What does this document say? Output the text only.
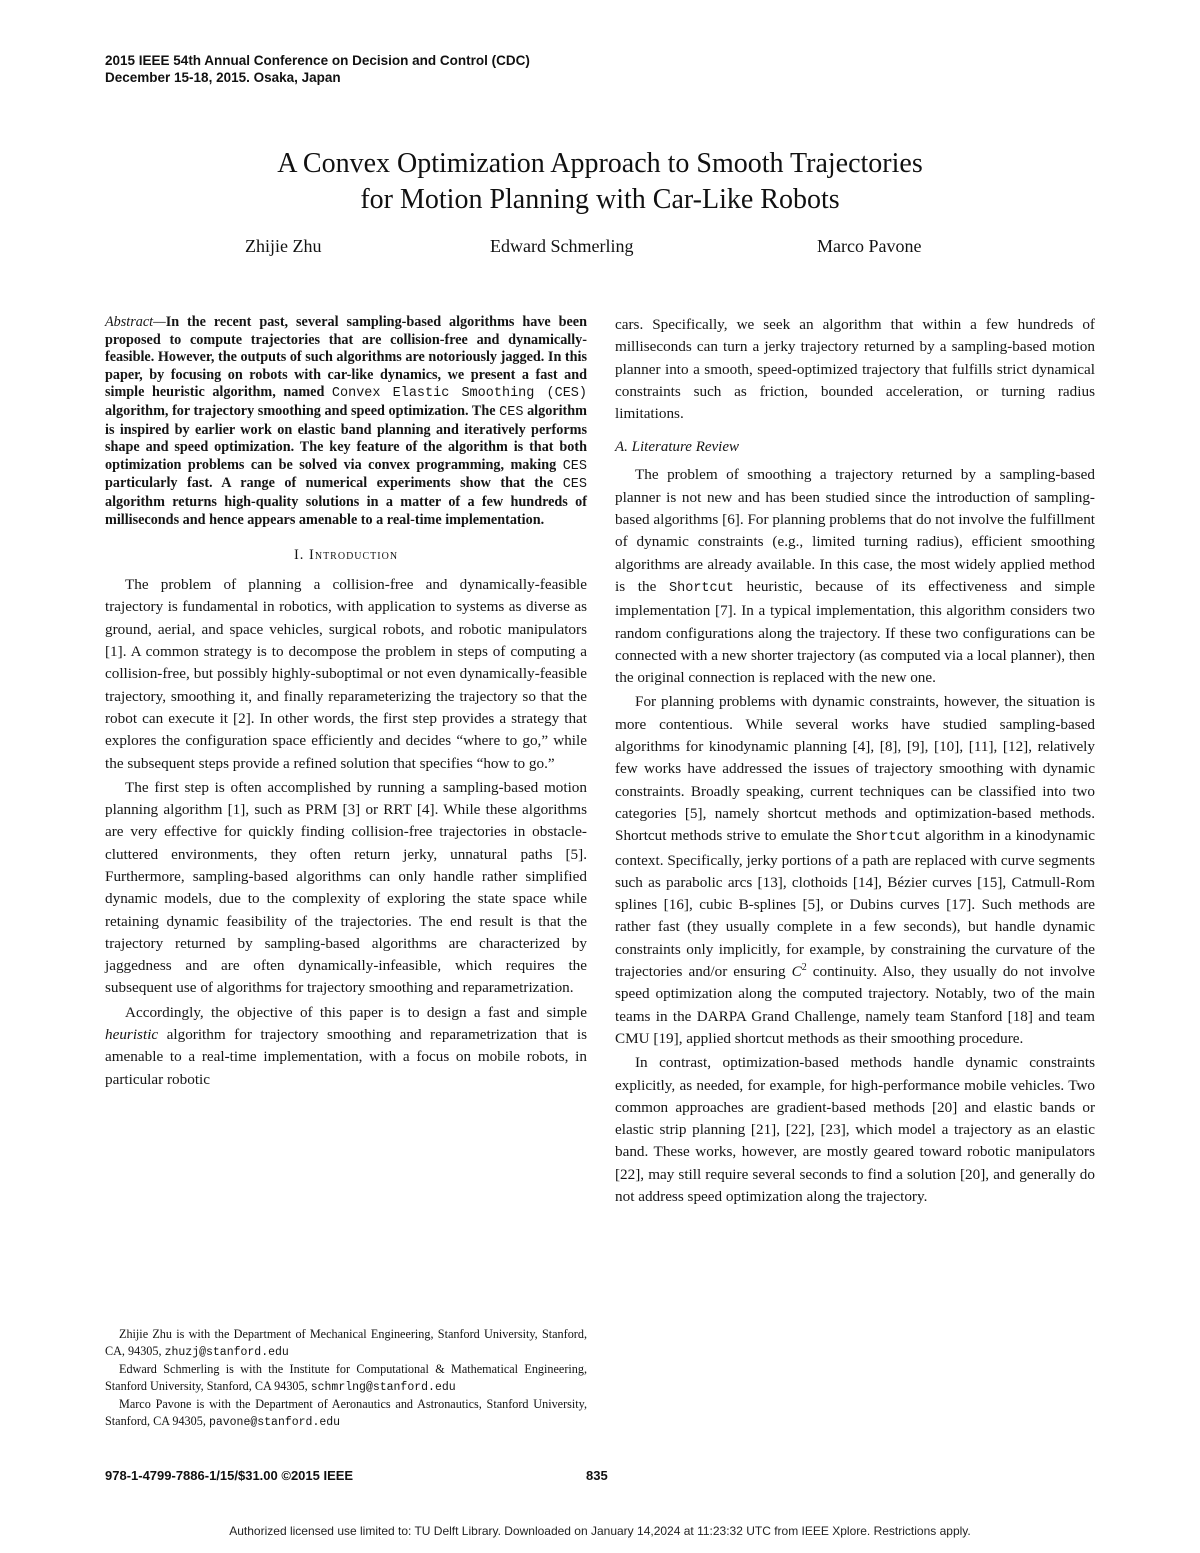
2015 IEEE 54th Annual Conference on Decision and Control (CDC)
December 15-18, 2015. Osaka, Japan
A Convex Optimization Approach to Smooth Trajectories
for Motion Planning with Car-Like Robots
Zhijie Zhu	Edward Schmerling	Marco Pavone

Abstract—In the recent past, several sampling-based algorithms have been proposed to compute trajectories that are collision-free and dynamically-feasible. However, the outputs of such algorithms are notoriously jagged. In this paper, by focusing on robots with car-like dynamics, we present a fast and simple heuristic algorithm, named Convex Elastic Smoothing (CES) algorithm, for trajectory smoothing and speed optimization. The CES algorithm is inspired by earlier work on elastic band planning and iteratively performs shape and speed optimization. The key feature of the algorithm is that both optimization problems can be solved via convex programming, making CES particularly fast. A range of numerical experiments show that the CES algorithm returns high-quality solutions in a matter of a few hundreds of milliseconds and hence appears amenable to a real-time implementation.

I. Introduction

The problem of planning a collision-free and dynamically-feasible trajectory is fundamental in robotics, with application to systems as diverse as ground, aerial, and space vehicles, surgical robots, and robotic manipulators [1]. A common strategy is to decompose the problem in steps of computing a collision-free, but possibly highly-suboptimal or not even dynamically-feasible trajectory, smoothing it, and finally reparameterizing the trajectory so that the robot can execute it [2]. In other words, the first step provides a strategy that explores the configuration space efficiently and decides “where to go,” while the subsequent steps provide a refined solution that specifies “how to go.”

The first step is often accomplished by running a sampling-based motion planning algorithm [1], such as PRM [3] or RRT [4]. While these algorithms are very effective for quickly finding collision-free trajectories in obstacle-cluttered environments, they often return jerky, unnatural paths [5]. Furthermore, sampling-based algorithms can only handle rather simplified dynamic models, due to the complexity of exploring the state space while retaining dynamic feasibility of the trajectories. The end result is that the trajectory returned by sampling-based algorithms are characterized by jaggedness and are often dynamically-infeasible, which requires the subsequent use of algorithms for trajectory smoothing and reparametrization.

Accordingly, the objective of this paper is to design a fast and simple heuristic algorithm for trajectory smoothing and reparametrization that is amenable to a real-time implementation, with a focus on mobile robots, in particular robotic

Zhijie Zhu is with the Department of Mechanical Engineering, Stanford University, Stanford, CA, 94305, zhuzj@stanford.edu

Edward Schmerling is with the Institute for Computational & Mathematical Engineering, Stanford University, Stanford, CA 94305, schmrlng@stanford.edu

Marco Pavone is with the Department of Aeronautics and Astronautics, Stanford University, Stanford, CA 94305, pavone@stanford.edu

cars. Specifically, we seek an algorithm that within a few hundreds of milliseconds can turn a jerky trajectory returned by a sampling-based motion planner into a smooth, speed-optimized trajectory that fulfills strict dynamical constraints such as friction, bounded acceleration, or turning radius limitations.

A. Literature Review

The problem of smoothing a trajectory returned by a sampling-based planner is not new and has been studied since the introduction of sampling-based algorithms [6]. For planning problems that do not involve the fulfillment of dynamic constraints (e.g., limited turning radius), efficient smoothing algorithms are already available. In this case, the most widely applied method is the Shortcut heuristic, because of its effectiveness and simple implementation [7]. In a typical implementation, this algorithm considers two random configurations along the trajectory. If these two configurations can be connected with a new shorter trajectory (as computed via a local planner), then the original connection is replaced with the new one.

For planning problems with dynamic constraints, however, the situation is more contentious. While several works have studied sampling-based algorithms for kinodynamic planning [4], [8], [9], [10], [11], [12], relatively few works have addressed the issues of trajectory smoothing with dynamic constraints. Broadly speaking, current techniques can be classified into two categories [5], namely shortcut methods and optimization-based methods. Shortcut methods strive to emulate the Shortcut algorithm in a kinodynamic context. Specifically, jerky portions of a path are replaced with curve segments such as parabolic arcs [13], clothoids [14], Bézier curves [15], Catmull-Rom splines [16], cubic B-splines [5], or Dubins curves [17]. Such methods are rather fast (they usually complete in a few seconds), but handle dynamic constraints only implicitly, for example, by constraining the curvature of the trajectories and/or ensuring $C^2$ continuity. Also, they usually do not involve speed optimization along the computed trajectory. Notably, two of the main teams in the DARPA Grand Challenge, namely team Stanford [18] and team CMU [19], applied shortcut methods as their smoothing procedure.

In contrast, optimization-based methods handle dynamic constraints explicitly, as needed, for example, for high-performance mobile vehicles. Two common approaches are gradient-based methods [20] and elastic bands or elastic strip planning [21], [22], [23], which model a trajectory as an elastic band. These works, however, are mostly geared toward robotic manipulators [22], may still require several seconds to find a solution [20], and generally do not address speed optimization along the trajectory.

978-1-4799-7886-1/15/$31.00 ©2015 IEEE	835
Authorized licensed use limited to: TU Delft Library. Downloaded on January 14,2024 at 11:23:32 UTC from IEEE Xplore. Restrictions apply.
